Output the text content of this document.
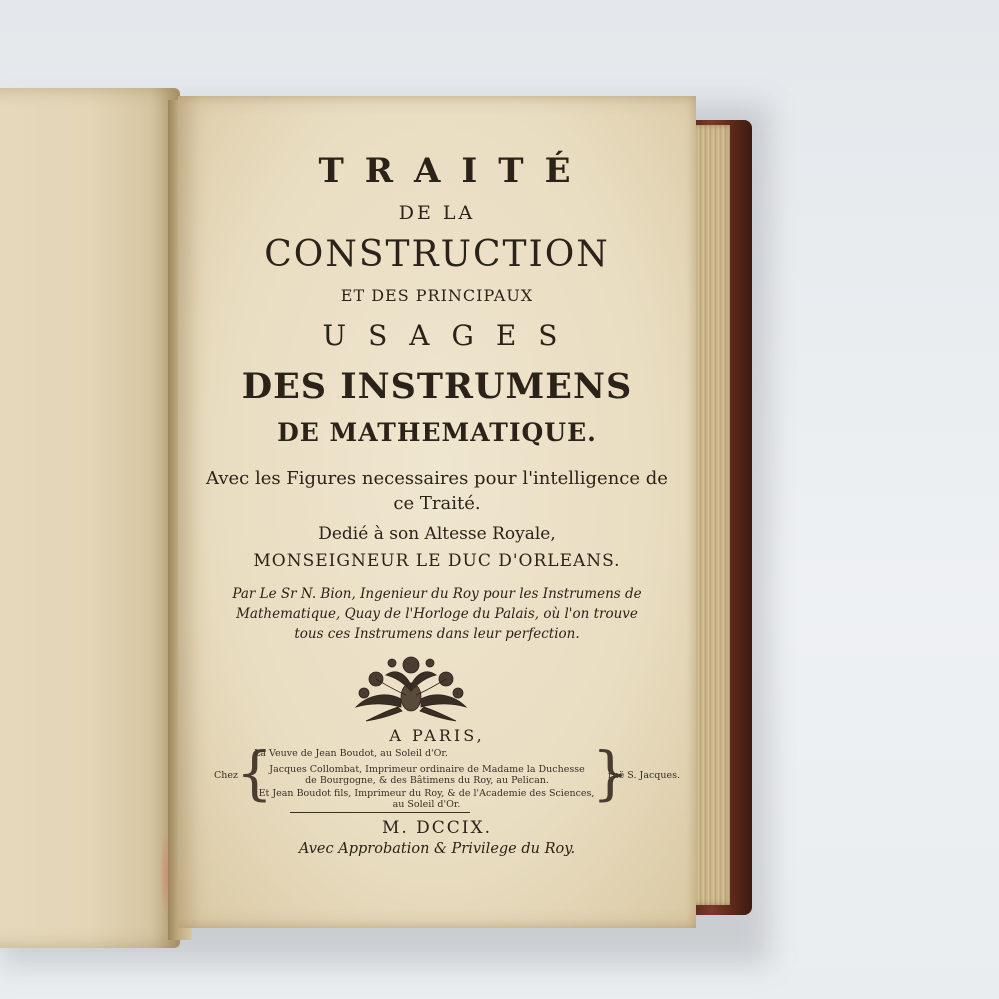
TRAITÉ
DE LA
CONSTRUCTION
ET DES PRINCIPAUX
USAGES
DES INSTRUMENS
DE MATHEMATIQUE.
Avec les Figures necessaires pour l'intelligence de
ce Traité.
Dedié à son Altesse Royale,
MONSEIGNEUR LE DUC D'ORLEANS.
Par Le Sr N. Bion, Ingenieur du Roy pour les Instrumens de
Mathematique, Quay de l'Horloge du Palais, où l'on trouve
tous ces Instrumens dans leur perfection.
A PARIS,
Chez
{
La Veuve de Jean Boudot, au Soleil d'Or.
Jacques Collombat, Imprimeur ordinaire de Madame la Duchesse de Bourgogne, & des Bâtimens du Roy, au Pelican.
Et Jean Boudot fils, Imprimeur du Roy, & de l'Academie des Sciences, au Soleil d'Or.	}
ruë S. Jacques.
M. DCCIX.
Avec Approbation & Privilege du Roy.
